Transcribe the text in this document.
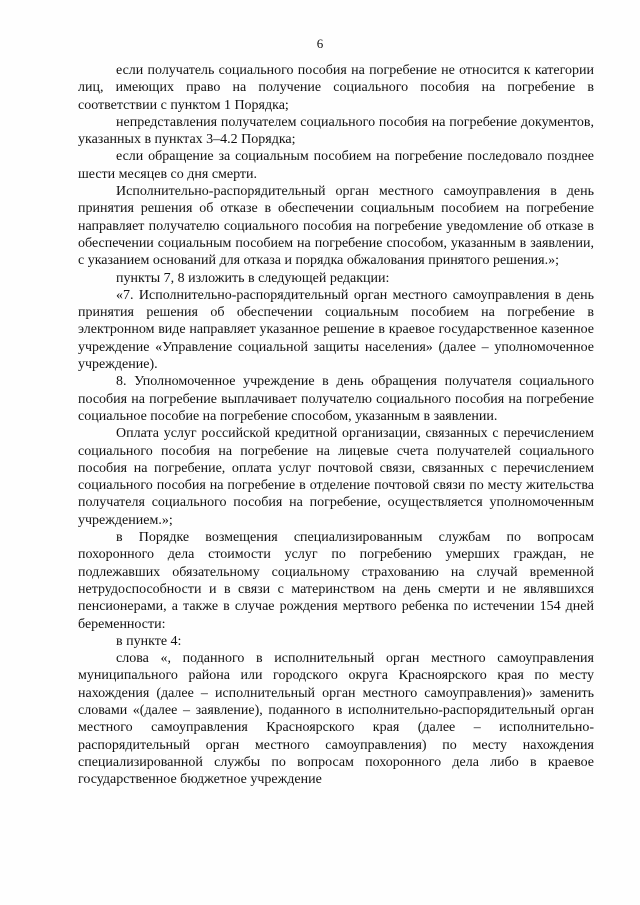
6

если получатель социального пособия на погребение не относится к категории лиц, имеющих право на получение социального пособия на погребение в соответствии с пунктом 1 Порядка;

непредставления получателем социального пособия на погребение документов, указанных в пунктах 3–4.2 Порядка;

если обращение за социальным пособием на погребение последовало позднее шести месяцев со дня смерти.

Исполнительно-распорядительный орган местного самоуправления в день принятия решения об отказе в обеспечении социальным пособием на погребение направляет получателю социального пособия на погребение уведомление об отказе в обеспечении социальным пособием на погребение способом, указанным в заявлении, с указанием оснований для отказа и порядка обжалования принятого решения.»;

пункты 7, 8 изложить в следующей редакции:

«7. Исполнительно-распорядительный орган местного самоуправления в день принятия решения об обеспечении социальным пособием на погребение в электронном виде направляет указанное решение в краевое государственное казенное учреждение «Управление социальной защиты населения» (далее – уполномоченное учреждение).

8. Уполномоченное учреждение в день обращения получателя социального пособия на погребение выплачивает получателю социального пособия на погребение социальное пособие на погребение способом, указанным в заявлении.

Оплата услуг российской кредитной организации, связанных с перечислением социального пособия на погребение на лицевые счета получателей социального пособия на погребение, оплата услуг почтовой связи, связанных с перечислением социального пособия на погребение в отделение почтовой связи по месту жительства получателя социального пособия на погребение, осуществляется уполномоченным учреждением.»;

в Порядке возмещения специализированным службам по вопросам похоронного дела стоимости услуг по погребению умерших граждан, не подлежавших обязательному социальному страхованию на случай временной нетрудоспособности и в связи с материнством на день смерти и не являвшихся пенсионерами, а также в случае рождения мертвого ребенка по истечении 154 дней беременности:

в пункте 4:

слова «, поданного в исполнительный орган местного самоуправления муниципального района или городского округа Красноярского края по месту нахождения (далее – исполнительный орган местного самоуправления)» заменить словами «(далее – заявление), поданного в исполнительно-распорядительный орган местного самоуправления Красноярского края (далее – исполнительно-распорядительный орган местного самоуправления) по месту нахождения специализированной службы по вопросам похоронного дела либо в краевое государственное бюджетное учреждение
